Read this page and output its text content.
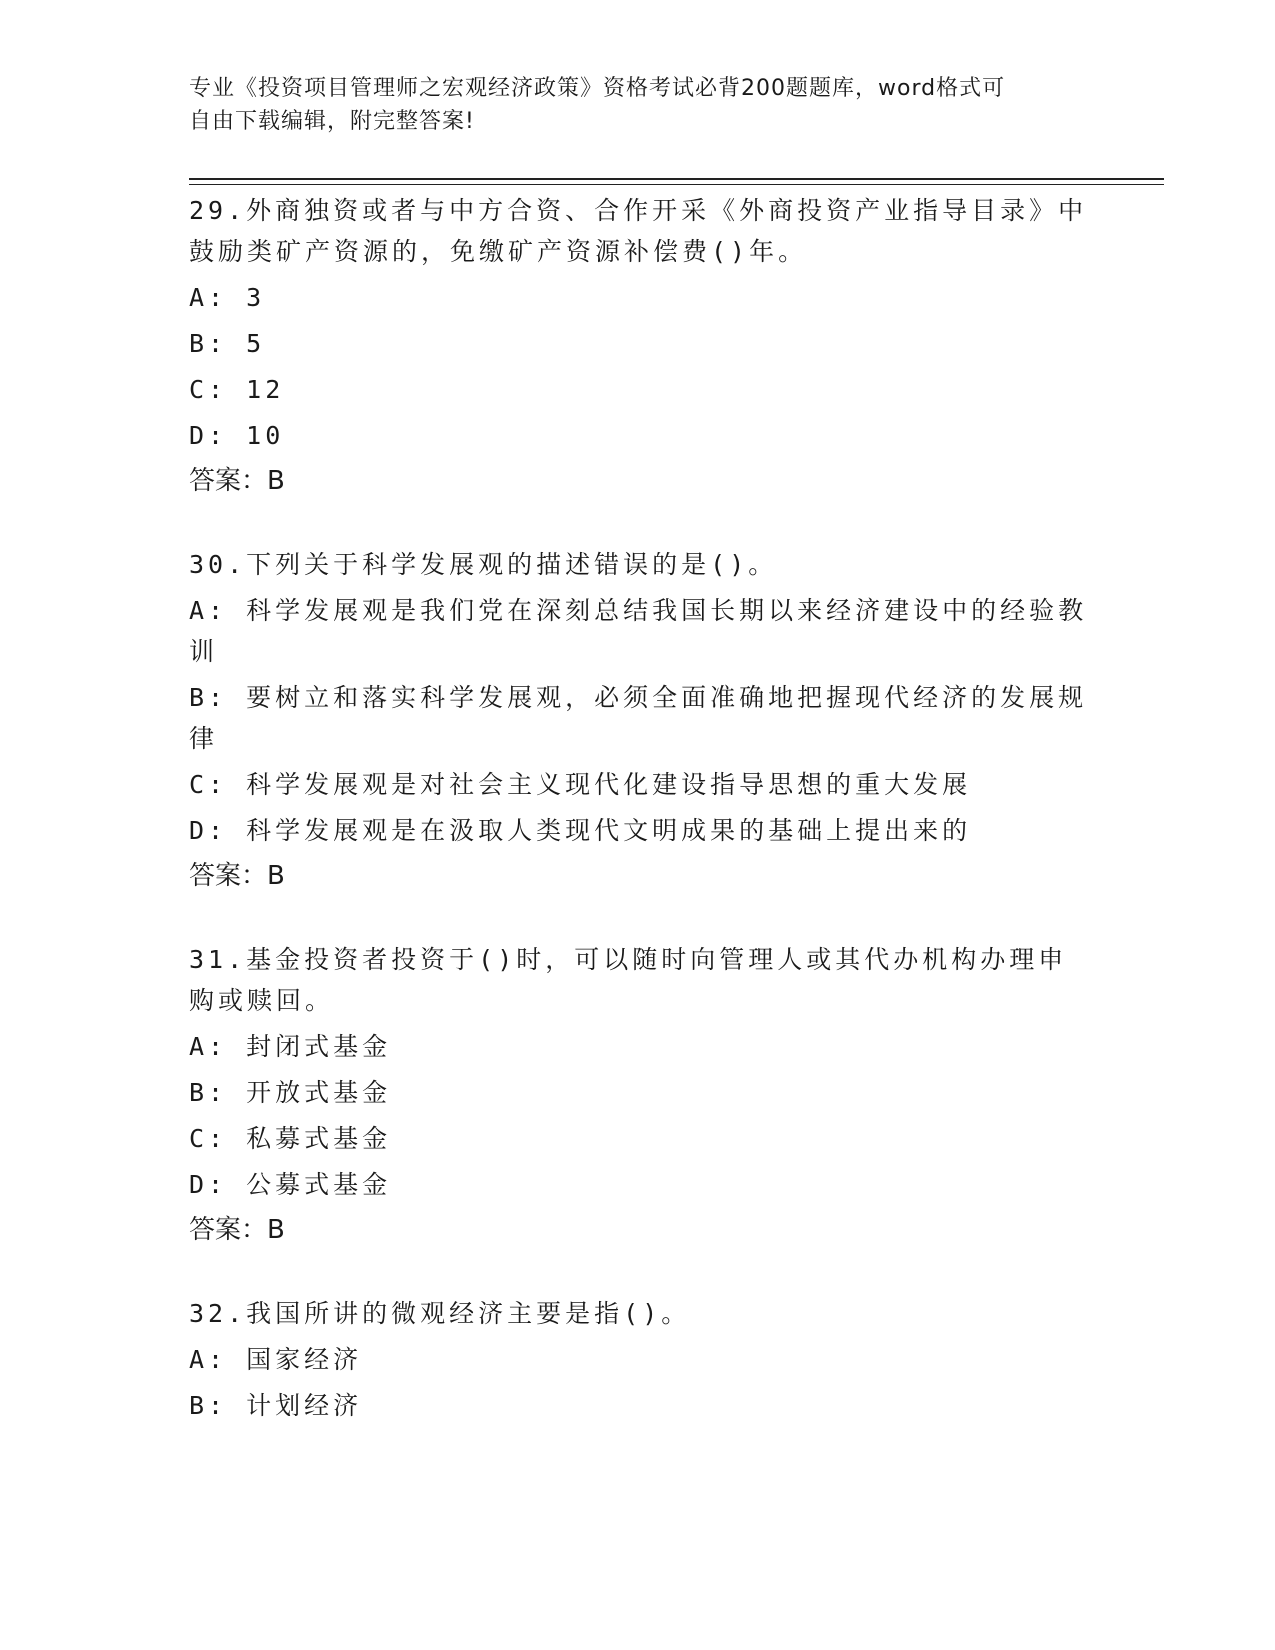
专业《投资项目管理师之宏观经济政策》资格考试必背200题题库，word格式可
自由下载编辑，附完整答案!
29.外商独资或者与中方合资、合作开采《外商投资产业指导目录》中鼓励类矿产资源的，免缴矿产资源补偿费()年。
A: 3
B: 5
C: 12
D: 10
答案：B
30.下列关于科学发展观的描述错误的是()。
A: 科学发展观是我们党在深刻总结我国长期以来经济建设中的经验教训
B: 要树立和落实科学发展观，必须全面准确地把握现代经济的发展规律
C: 科学发展观是对社会主义现代化建设指导思想的重大发展
D: 科学发展观是在汲取人类现代文明成果的基础上提出来的
答案：B
31.基金投资者投资于()时，可以随时向管理人或其代办机构办理申购或赎回。
A: 封闭式基金
B: 开放式基金
C: 私募式基金
D: 公募式基金
答案：B
32.我国所讲的微观经济主要是指()。
A: 国家经济
B: 计划经济
